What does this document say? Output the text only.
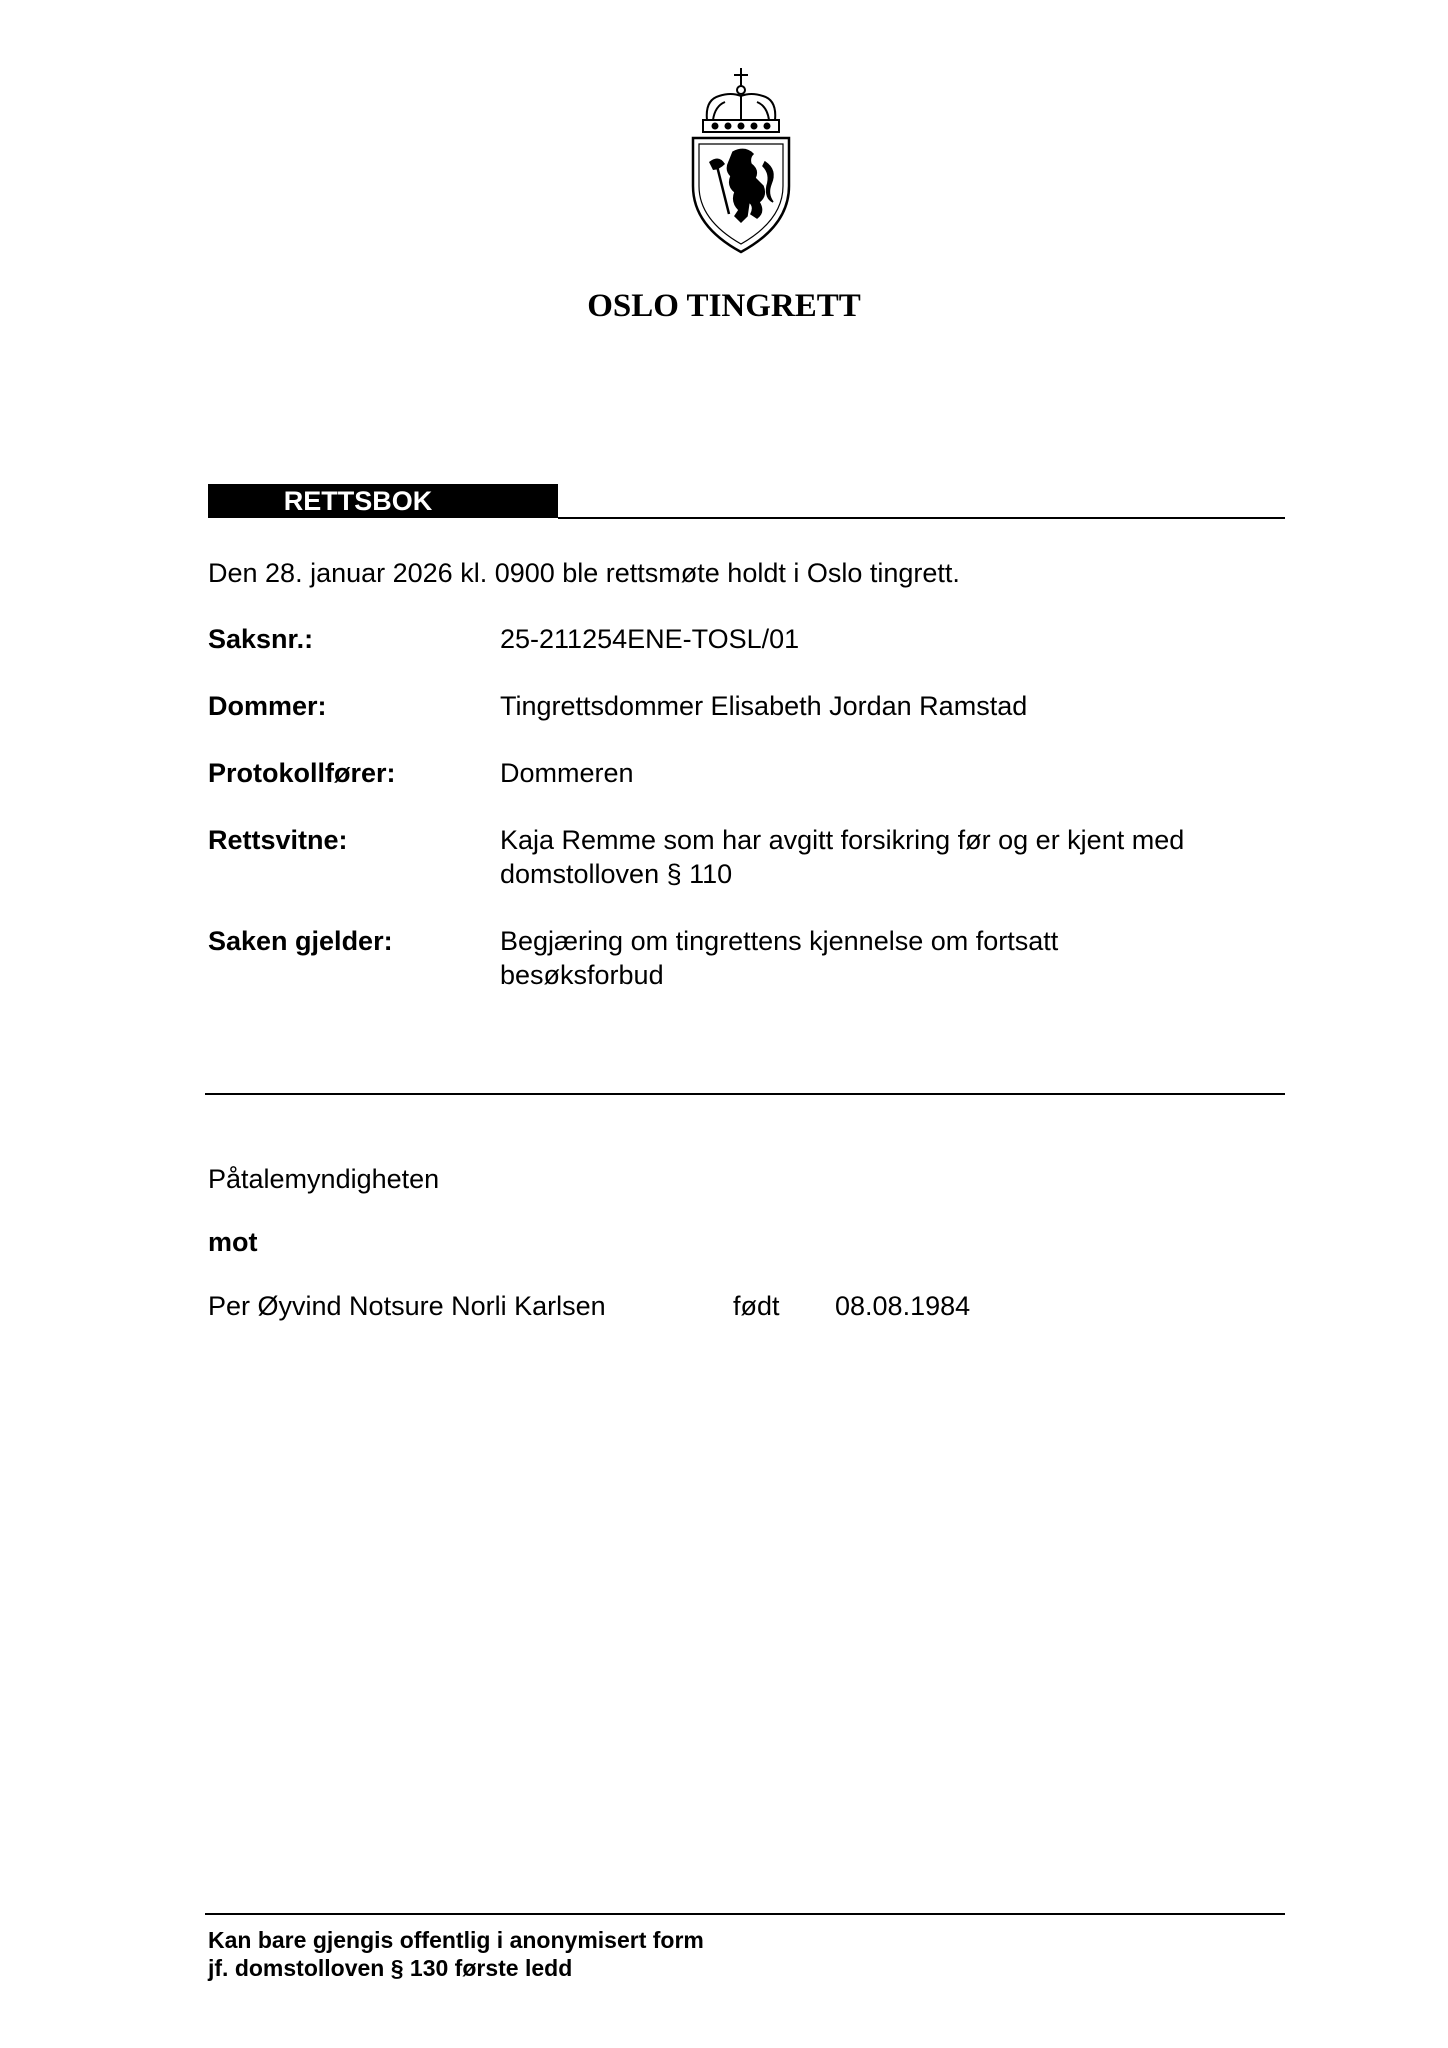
OSLO TINGRETT
RETTSBOK
Den 28. januar 2026 kl. 0900 ble rettsmøte holdt i Oslo tingrett.
Saksnr.:	25-211254ENE-TOSL/01
Dommer:	Tingrettsdommer Elisabeth Jordan Ramstad
Protokollfører:	Dommeren
Rettsvitne:	Kaja Remme som har avgitt forsikring før og er kjent med
domstolloven § 110
Saken gjelder:	Begjæring om tingrettens kjennelse om fortsatt
besøksforbud
Påtalemyndigheten
mot
Per Øyvind Notsure Norli Karlsen	født 08.08.1984
Kan bare gjengis offentlig i anonymisert form
jf. domstolloven § 130 første ledd
